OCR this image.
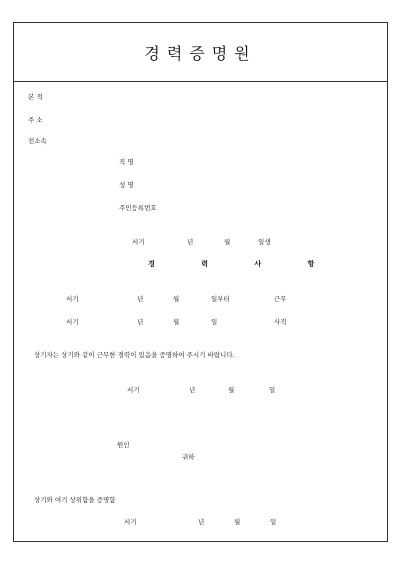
경력증명원
본 적
주 소
전소속
직 명
성 명
주민등록번호
서기	년	월	일생
경 력 사 항
서기	년	월	일부터	근무
서기	년	월	일	사직
상기자는 상기와 같이 근무한 경력이 있음을 증명하여 주시기 바랍니다.
서기	년	월	일
원인
귀하
상기와 여기 상위함을 증명함
서기	년	월	일
